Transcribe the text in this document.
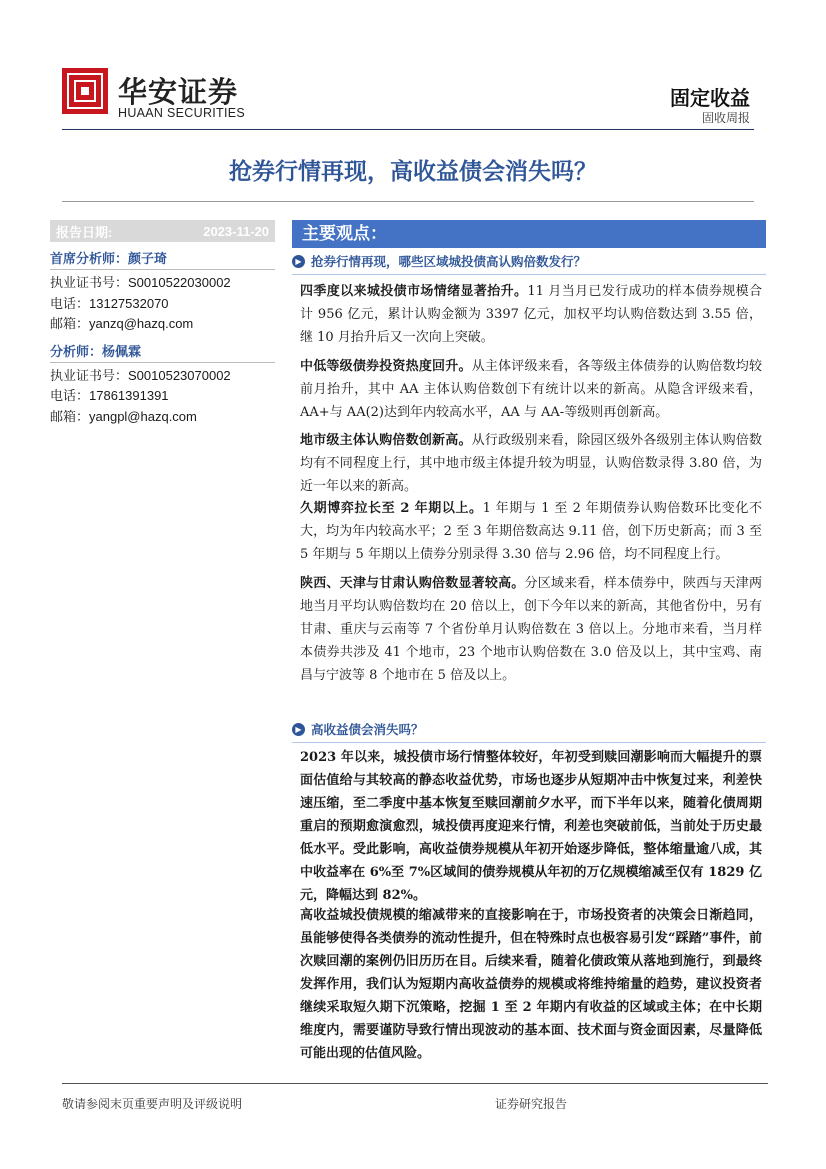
华安证券
HUAAN SECURITIES
固定收益
固收周报
抢券行情再现，高收益债会消失吗？
报告日期:	2023-11-20
首席分析师：颜子琦
执业证书号：S0010522030002
电话：13127532070
邮箱：yanzq@hazq.com
分析师：杨佩霖
执业证书号：S0010523070002
电话：17861391391
邮箱：yangpl@hazq.com
主要观点：
▶ 抢券行情再现，哪些区域城投债高认购倍数发行？
四季度以来城投债市场情绪显著抬升。11 月当月已发行成功的样本债券规模合计 956 亿元，累计认购金额为 3397 亿元，加权平均认购倍数达到 3.55 倍，继 10 月抬升后又一次向上突破。
中低等级债券投资热度回升。从主体评级来看，各等级主体债券的认购倍数均较前月抬升，其中 AA 主体认购倍数创下有统计以来的新高。从隐含评级来看，AA+与 AA(2)达到年内较高水平，AA 与 AA-等级则再创新高。
地市级主体认购倍数创新高。从行政级别来看，除园区级外各级别主体认购倍数均有不同程度上行，其中地市级主体提升较为明显，认购倍数录得 3.80 倍，为近一年以来的新高。
久期博弈拉长至 2 年期以上。1 年期与 1 至 2 年期债券认购倍数环比变化不大，均为年内较高水平；2 至 3 年期倍数高达 9.11 倍，创下历史新高；而 3 至 5 年期与 5 年期以上债券分别录得 3.30 倍与 2.96 倍，均不同程度上行。
陕西、天津与甘肃认购倍数显著较高。分区域来看，样本债券中，陕西与天津两地当月平均认购倍数均在 20 倍以上，创下今年以来的新高，其他省份中，另有甘肃、重庆与云南等 7 个省份单月认购倍数在 3 倍以上。分地市来看，当月样本债券共涉及 41 个地市，23 个地市认购倍数在 3.0 倍及以上，其中宝鸡、南昌与宁波等 8 个地市在 5 倍及以上。
▶ 高收益债会消失吗？
2023 年以来，城投债市场行情整体较好，年初受到赎回潮影响而大幅提升的票面估值给与其较高的静态收益优势，市场也逐步从短期冲击中恢复过来，利差快速压缩，至二季度中基本恢复至赎回潮前夕水平，而下半年以来，随着化债周期重启的预期愈演愈烈，城投债再度迎来行情，利差也突破前低，当前处于历史最低水平。受此影响，高收益债券规模从年初开始逐步降低，整体缩量逾八成，其中收益率在 6%至 7%区域间的债券规模从年初的万亿规模缩减至仅有 1829 亿元，降幅达到 82%。
高收益城投债规模的缩减带来的直接影响在于，市场投资者的决策会日渐趋同，虽能够使得各类债券的流动性提升，但在特殊时点也极容易引发“踩踏”事件，前次赎回潮的案例仍旧历历在目。后续来看，随着化债政策从落地到施行，到最终发挥作用，我们认为短期内高收益债券的规模或将维持缩量的趋势，建议投资者继续采取短久期下沉策略，挖掘 1 至 2 年期内有收益的区域或主体；在中长期维度内，需要谨防导致行情出现波动的基本面、技术面与资金面因素，尽量降低可能出现的估值风险。
敬请参阅末页重要声明及评级说明	证券研究报告
